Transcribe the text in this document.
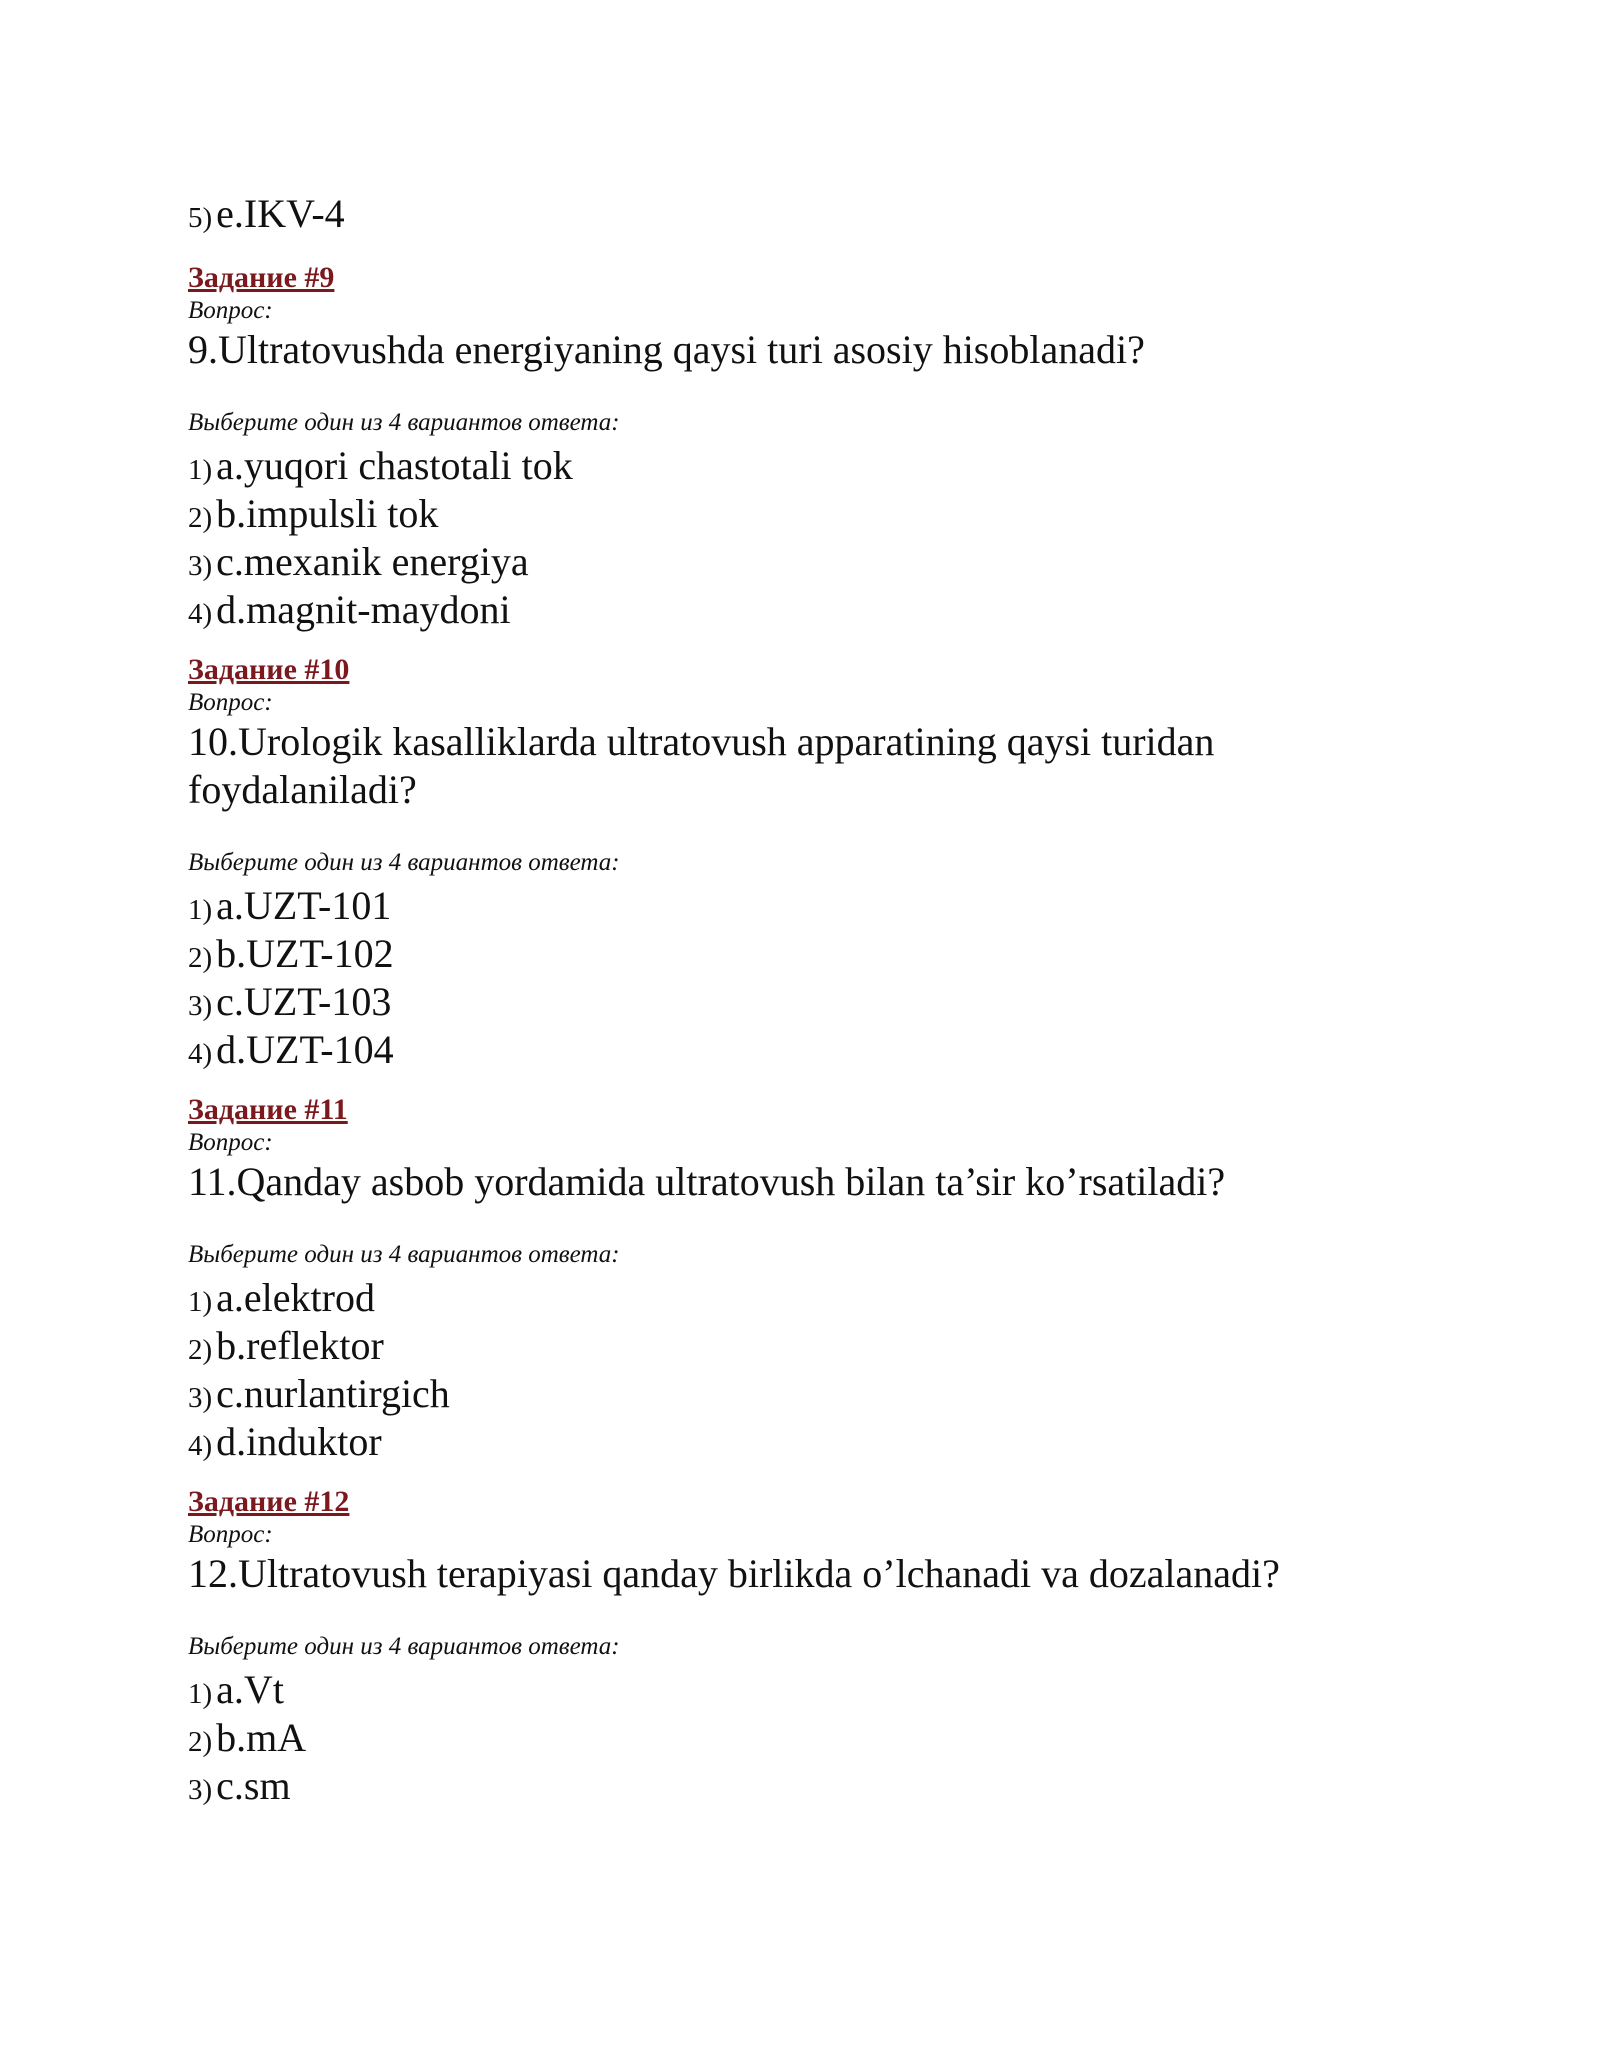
5) e.IKV-4
Задание #9
Вопрос:
9.Ultratovushda energiyaning qaysi turi asosiy hisoblanadi?
Выберите один из 4 вариантов ответа:
1) a.yuqori chastotali tok
2) b.impulsli tok
3) c.mexanik energiya
4) d.magnit-maydoni
Задание #10
Вопрос:
10.Urologik kasalliklarda ultratovush apparatining qaysi turidan foydalaniladi?
Выберите один из 4 вариантов ответа:
1) a.UZT-101
2) b.UZT-102
3) c.UZT-103
4) d.UZT-104
Задание #11
Вопрос:
11.Qanday asbob yordamida ultratovush bilan ta’sir ko’rsatiladi?
Выберите один из 4 вариантов ответа:
1) a.elektrod
2) b.reflektor
3) c.nurlantirgich
4) d.induktor
Задание #12
Вопрос:
12.Ultratovush terapiyasi qanday birlikda o’lchanadi va dozalanadi?
Выберите один из 4 вариантов ответа:
1) a.Vt
2) b.mA
3) c.sm
